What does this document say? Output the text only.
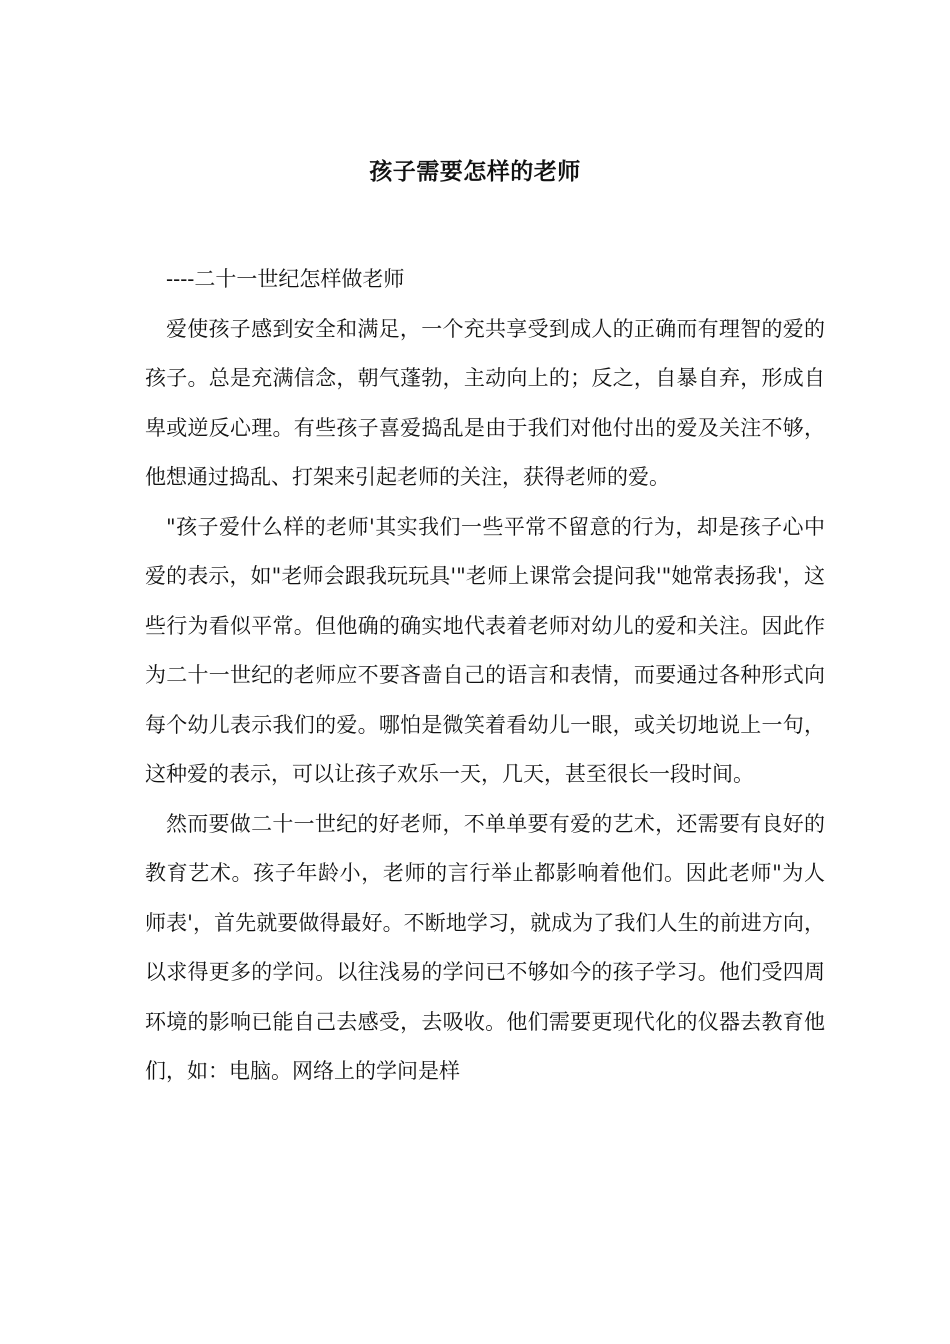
孩子需要怎样的老师

----二十一世纪怎样做老师

爱使孩子感到安全和满足，一个充共享受到成人的正确而有理智的爱的孩子。总是充满信念，朝气蓬勃，主动向上的；反之，自暴自弃，形成自卑或逆反心理。有些孩子喜爱捣乱是由于我们对他付出的爱及关注不够，他想通过捣乱、打架来引起老师的关注，获得老师的爱。

"孩子爱什么样的老师'其实我们一些平常不留意的行为，却是孩子心中爱的表示，如"老师会跟我玩玩具'"老师上课常会提问我'"她常表扬我'，这些行为看似平常。但他确的确实地代表着老师对幼儿的爱和关注。因此作为二十一世纪的老师应不要吝啬自己的语言和表情，而要通过各种形式向每个幼儿表示我们的爱。哪怕是微笑着看幼儿一眼，或关切地说上一句，这种爱的表示，可以让孩子欢乐一天，几天，甚至很长一段时间。

然而要做二十一世纪的好老师，不单单要有爱的艺术，还需要有良好的教育艺术。孩子年龄小，老师的言行举止都影响着他们。因此老师"为人师表'，首先就要做得最好。不断地学习，就成为了我们人生的前进方向，以求得更多的学问。以往浅易的学问已不够如今的孩子学习。他们受四周环境的影响已能自己去感受，去吸收。他们需要更现代化的仪器去教育他们，如：电脑。网络上的学问是样
